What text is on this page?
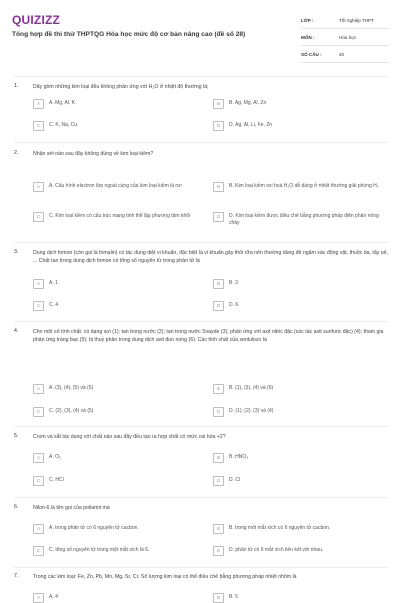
QUIZIZZ
Tổng hợp đề thi thử THPTQG Hóa học mức độ cơ bản nâng cao (đề số 28)
LỚP :	Tốt nghiệp THPT
MÔN :	Hóa học
SỐ CÂU :	40
1.	Dãy gồm những kim loại đều không phản ứng với H₂O ở nhiệt độ thường là;
A	A. Mg, Al, K	B	B. Ag, Mg, Al, Zn
C	C. K, Na, Cu	D	D. Ag, Al, Li, Fe, Zn
2.	Nhận xét nào sau đây không đúng về kim loại kiềm?
A	A. Cấu hình electron lớp ngoài cùng của kim loại kiềm là ns¹	B	B. Kim loại kiềm oxi hoá H₂O dễ dàng ở nhiệt thường giải phóng H₂
C	C. Kim loại kiềm có cấu trúc mạng tinh thể lập phương tâm khối	D	D. Kim loại kiềm được điều chế bằng phương pháp điện phân nóng chảy
3.	Dung dịch fomon (còn gọi là fomalin) có tác dụng diệt vi khuẩn, đặc biệt là vi khuẩn gây thối rữa nên thường dùng để ngâm xác động vật, thuộc da, tẩy uế, ... Chất tan trong dung dịch fomon có tổng số nguyên tử trong phân tử là
A	A. 1	B	B. 3
C	C. 4	D	D. 6
4.	Cho một số tính chất: có dạng sợi (1); tan trong nước (2); tan trong nước Svayde (3); phản ứng với axit nitric đặc (xúc tác axit sunfuric đặc) (4); tham gia phản ứng tráng bạc (5); bị thuỷ phân trong dung dịch axit đun nóng (6). Các tính chất của xenlulozo là
A	A. (3), (4), (5) và (6)	B	B. (1), (3), (4) và (6)
C	C. (2), (3), (4) và (5)	D	D. (1), (2), (3) và (4)
5.	Crom và sắt tác dụng với chất nào sau đây đều tạo ra hợp chất có mức oxi hóa +2?
A	A. O₂	B	B. HNO₃
C	C. HCl	D	D. Cl
6.	Nilon-6 là tên gọi của poliamit mà
A	A. trong phân tử có 6 nguyên tử cacbon.	B	B. trong một mắt xích có 6 nguyên tử cacbon.
C	C. tổng số nguyên tử trong một mắt xích là 6.	D	D. phân tử có 6 mắt xích liên kết với nhau.
7.	Trong các kim loại: Fe, Zn, Pb, Mn, Mg, Sr, Cr. Số lượng kim loại có thể điều chế bằng phương pháp nhiệt nhôm là
A	A. 4	B	B. 5
